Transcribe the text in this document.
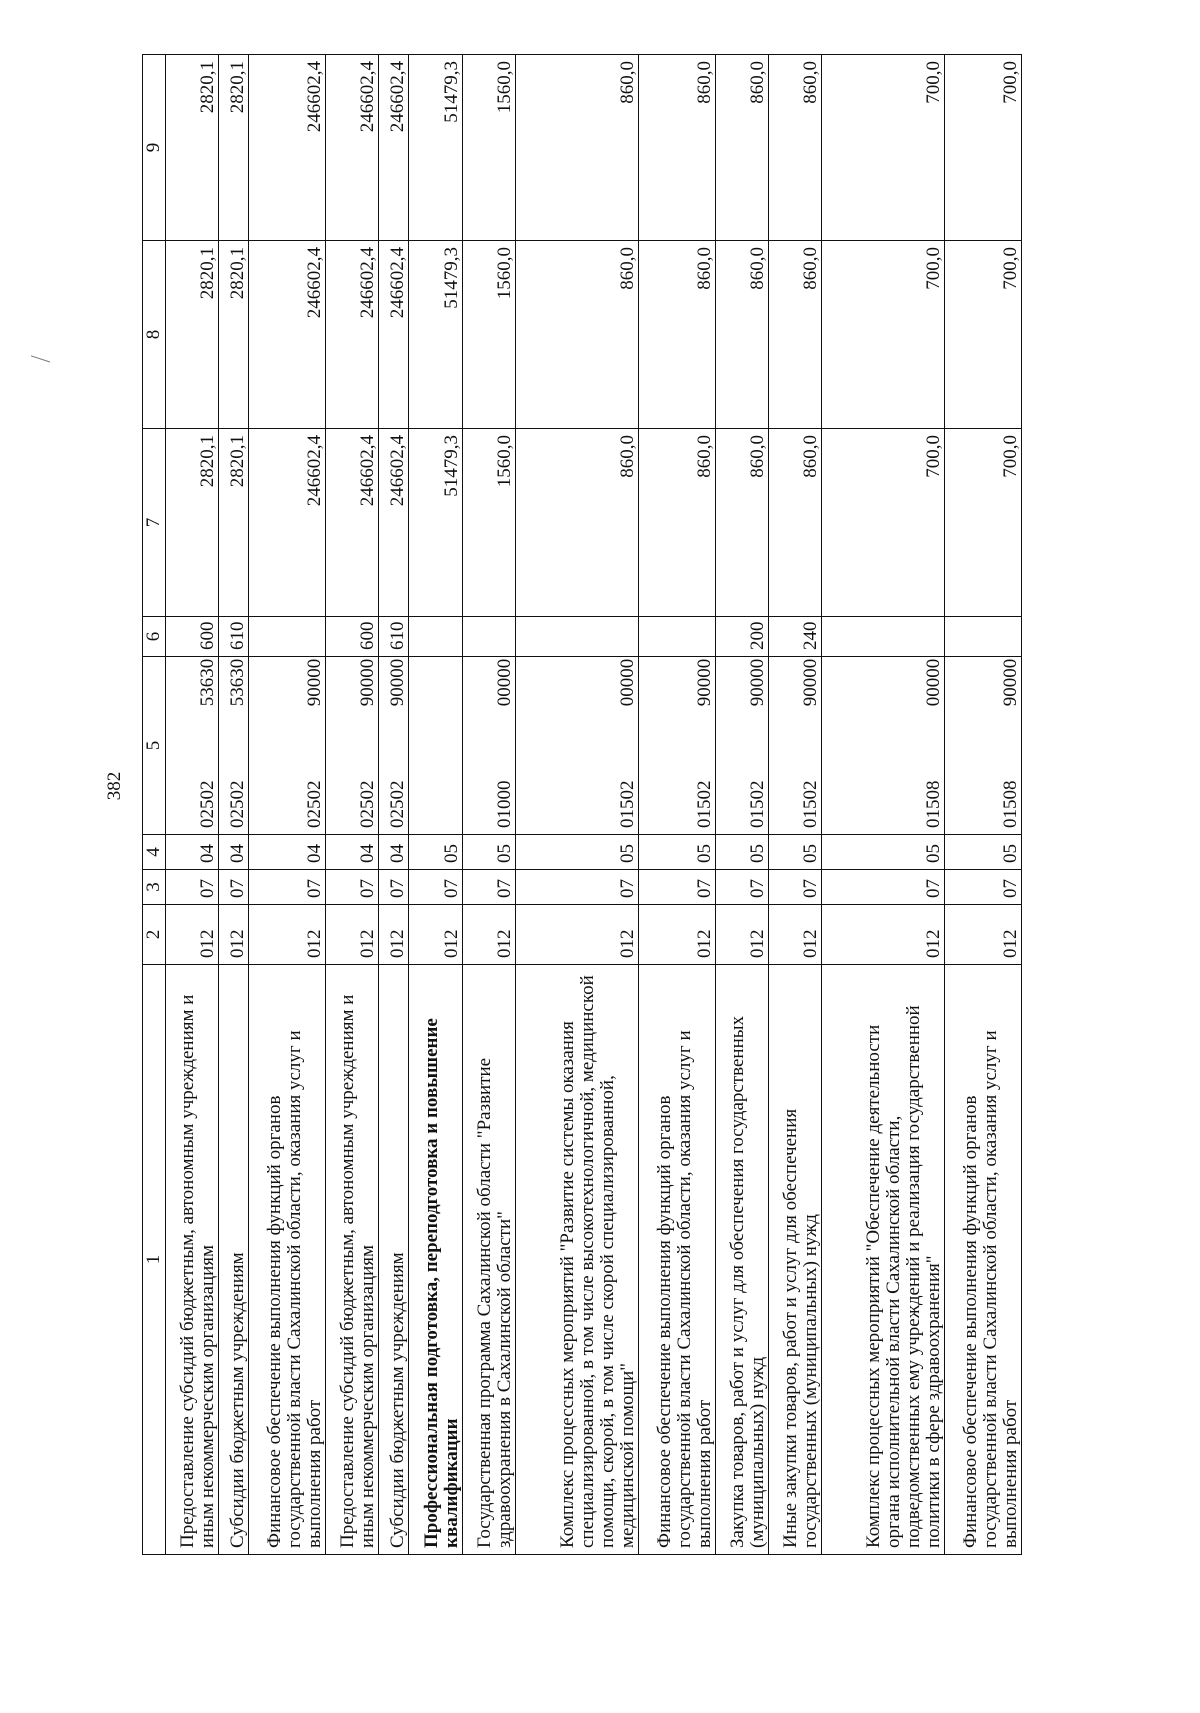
382
1	2	3	4	5	6	7	8	9
Предоставление субсидий бюджетным, автономным учреждениям и иным некоммерческим организациям	012	07	04	02502   53630	600	2820,1	2820,1	2820,1
Субсидии бюджетным учреждениям	012	07	04	02502   53630	610	2820,1	2820,1	2820,1
Финансовое обеспечение выполнения функций органов государственной власти Сахалинской области, оказания услуг и выполнения работ	012	07	04	02502   90000		246602,4	246602,4	246602,4
Предоставление субсидий бюджетным, автономным учреждениям и иным некоммерческим организациям	012	07	04	02502   90000	600	246602,4	246602,4	246602,4
Субсидии бюджетным учреждениям	012	07	04	02502   90000	610	246602,4	246602,4	246602,4
Профессиональная подготовка, переподготовка и повышение квалификации	012	07	05			51479,3	51479,3	51479,3
Государственная программа Сахалинской области "Развитие здравоохранения в Сахалинской области"	012	07	05	01000   00000		1560,0	1560,0	1560,0
Комплекс процессных мероприятий "Развитие системы оказания специализированной, в том числе высокотехнологичной, медицинской помощи, скорой, в том числе скорой специализированной, медицинской помощи"	012	07	05	01502   00000		860,0	860,0	860,0
Финансовое обеспечение выполнения функций органов государственной власти Сахалинской области, оказания услуг и выполнения работ	012	07	05	01502   90000		860,0	860,0	860,0
Закупка товаров, работ и услуг для обеспечения государственных (муниципальных) нужд	012	07	05	01502   90000	200	860,0	860,0	860,0
Иные закупки товаров, работ и услуг для обеспечения государственных (муниципальных) нужд	012	07	05	01502   90000	240	860,0	860,0	860,0
Комплекс процессных мероприятий "Обеспечение деятельности органа исполнительной власти Сахалинской области, подведомственных ему учреждений и реализация государственной политики в сфере здравоохранения"	012	07	05	01508   00000		700,0	700,0	700,0
Финансовое обеспечение выполнения функций органов государственной власти Сахалинской области, оказания услуг и выполнения работ	012	07	05	01508   90000		700,0	700,0	700,0
